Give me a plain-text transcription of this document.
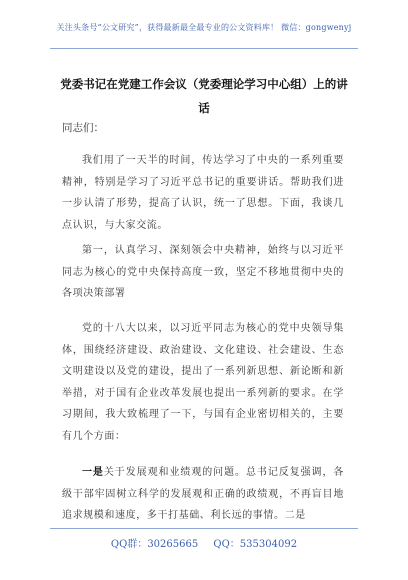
关注头条号“公文研究”，获得最新最全最专业的公文资料库！ 微信：gongwenyj
党委书记在党建工作会议（党委理论学习中心组）上的讲话
同志们：
我们用了一天半的时间，传达学习了中央的一系列重要精神，特别是学习了习近平总书记的重要讲话。帮助我们进一步认清了形势，提高了认识，统一了思想。下面，我谈几点认识，与大家交流。
第一，认真学习、深刻领会中央精神，始终与以习近平同志为核心的党中央保持高度一致，坚定不移地贯彻中央的各项决策部署
党的十八大以来，以习近平同志为核心的党中央领导集体，围绕经济建设、政治建设、文化建设、社会建设、生态文明建设以及党的建设，提出了一系列新思想、新论断和新举措，对于国有企业改革发展也提出一系列新的要求。在学习期间，我大致梳理了一下，与国有企业密切相关的，主要有几个方面：
一是关于发展观和业绩观的问题。总书记反复强调，各级干部牢固树立科学的发展观和正确的政绩观，不再盲目地追求规模和速度，多干打基础、利长远的事情。二是
QQ群：30265665 QQ：535304092
